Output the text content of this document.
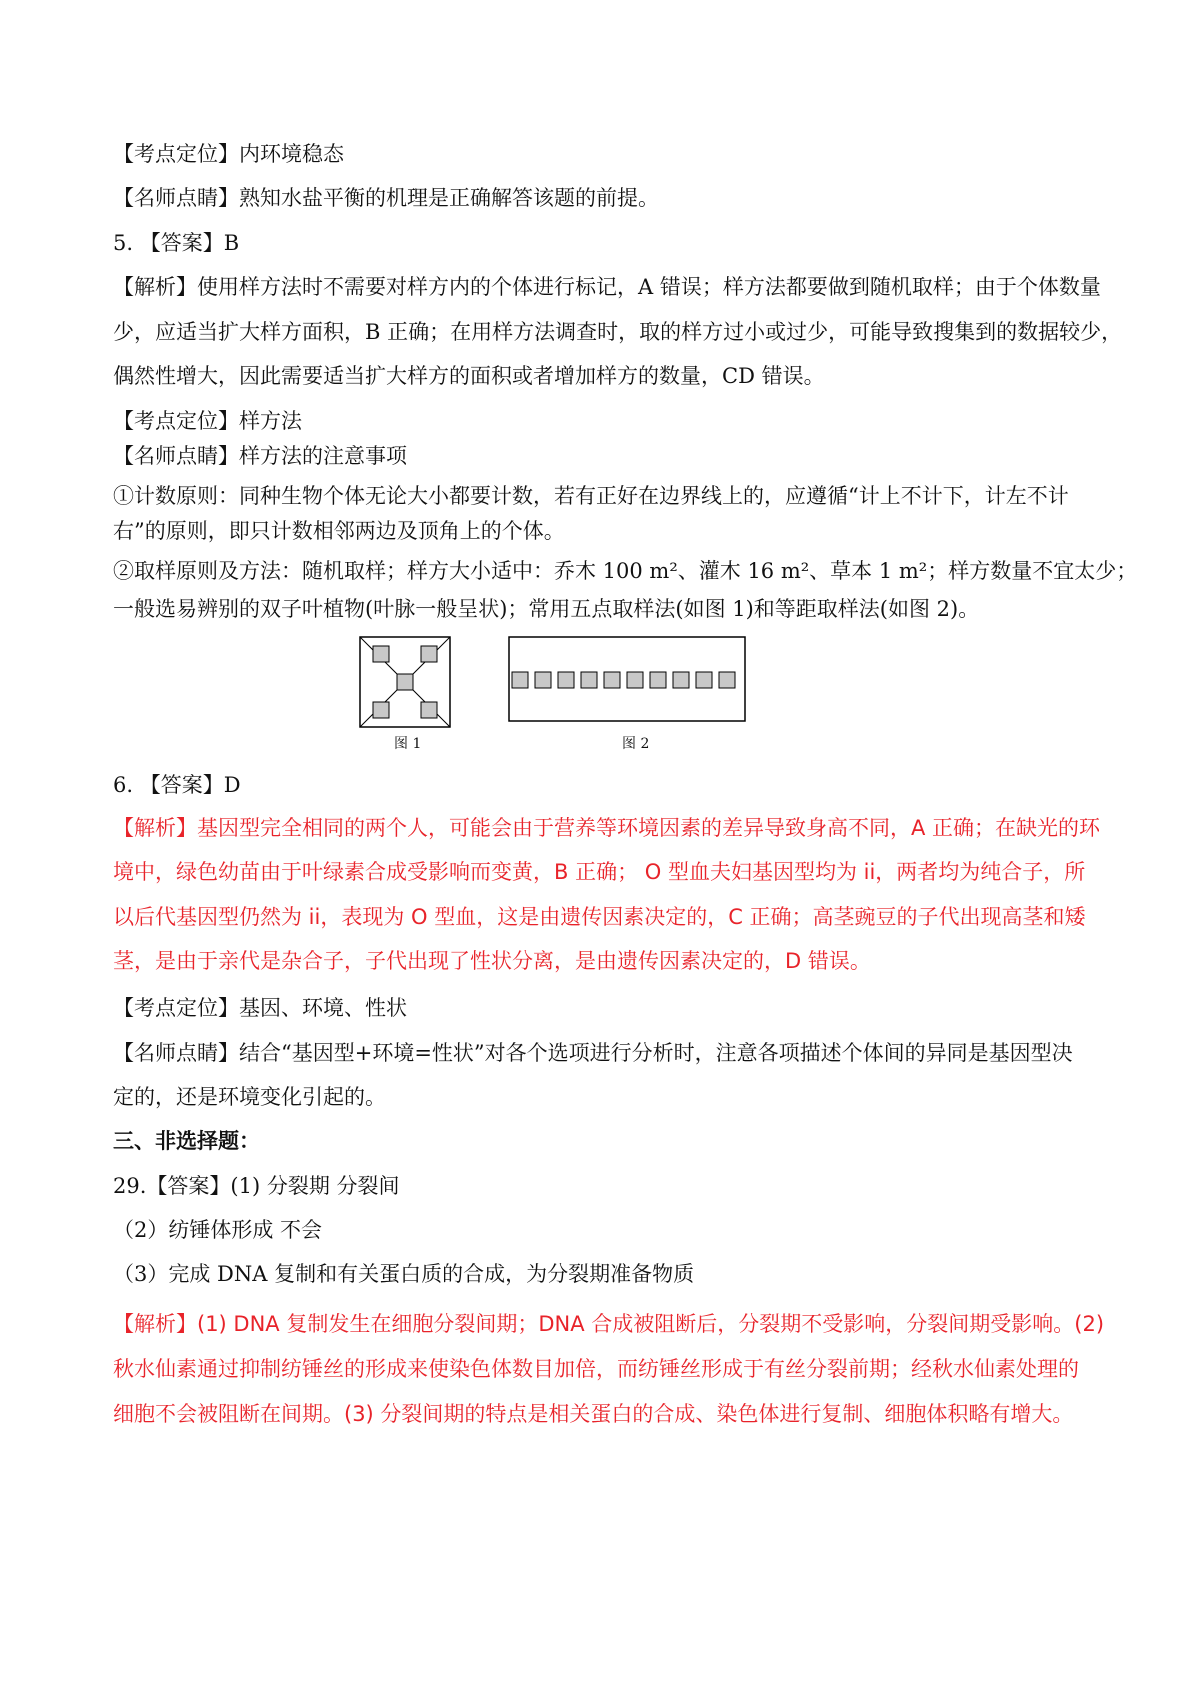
【考点定位】内环境稳态
【名师点睛】熟知水盐平衡的机理是正确解答该题的前提。
5. 【答案】B
【解析】使用样方法时不需要对样方内的个体进行标记，A 错误；样方法都要做到随机取样；由于个体数量
少，应适当扩大样方面积，B 正确；在用样方法调查时，取的样方过小或过少，可能导致搜集到的数据较少，
偶然性增大，因此需要适当扩大样方的面积或者增加样方的数量，CD 错误。
【考点定位】样方法
【名师点睛】样方法的注意事项
①计数原则：同种生物个体无论大小都要计数，若有正好在边界线上的，应遵循“计上不计下，计左不计
右”的原则，即只计数相邻两边及顶角上的个体。
②取样原则及方法：随机取样；样方大小适中：乔木 100 m²、灌木 16 m²、草本 1 m²；样方数量不宜太少；
一般选易辨别的双子叶植物(叶脉一般呈状)；常用五点取样法(如图 1)和等距取样法(如图 2)。
图 1	图 2
6. 【答案】D
【解析】基因型完全相同的两个人，可能会由于营养等环境因素的差异导致身高不同，A 正确；在缺光的环
境中，绿色幼苗由于叶绿素合成受影响而变黄，B 正确； O 型血夫妇基因型均为 ii，两者均为纯合子，所
以后代基因型仍然为 ii，表现为 O 型血，这是由遗传因素决定的，C 正确；高茎豌豆的子代出现高茎和矮
茎，是由于亲代是杂合子，子代出现了性状分离，是由遗传因素决定的，D 错误。
【考点定位】基因、环境、性状
【名师点睛】结合“基因型+环境=性状”对各个选项进行分析时，注意各项描述个体间的异同是基因型决
定的，还是环境变化引起的。
三、非选择题：
29.【答案】(1) 分裂期 分裂间
（2）纺锤体形成 不会
（3）完成 DNA 复制和有关蛋白质的合成，为分裂期准备物质
【解析】(1) DNA 复制发生在细胞分裂间期；DNA 合成被阻断后，分裂期不受影响，分裂间期受影响。(2)
秋水仙素通过抑制纺锤丝的形成来使染色体数目加倍，而纺锤丝形成于有丝分裂前期；经秋水仙素处理的
细胞不会被阻断在间期。(3) 分裂间期的特点是相关蛋白的合成、染色体进行复制、细胞体积略有增大。
